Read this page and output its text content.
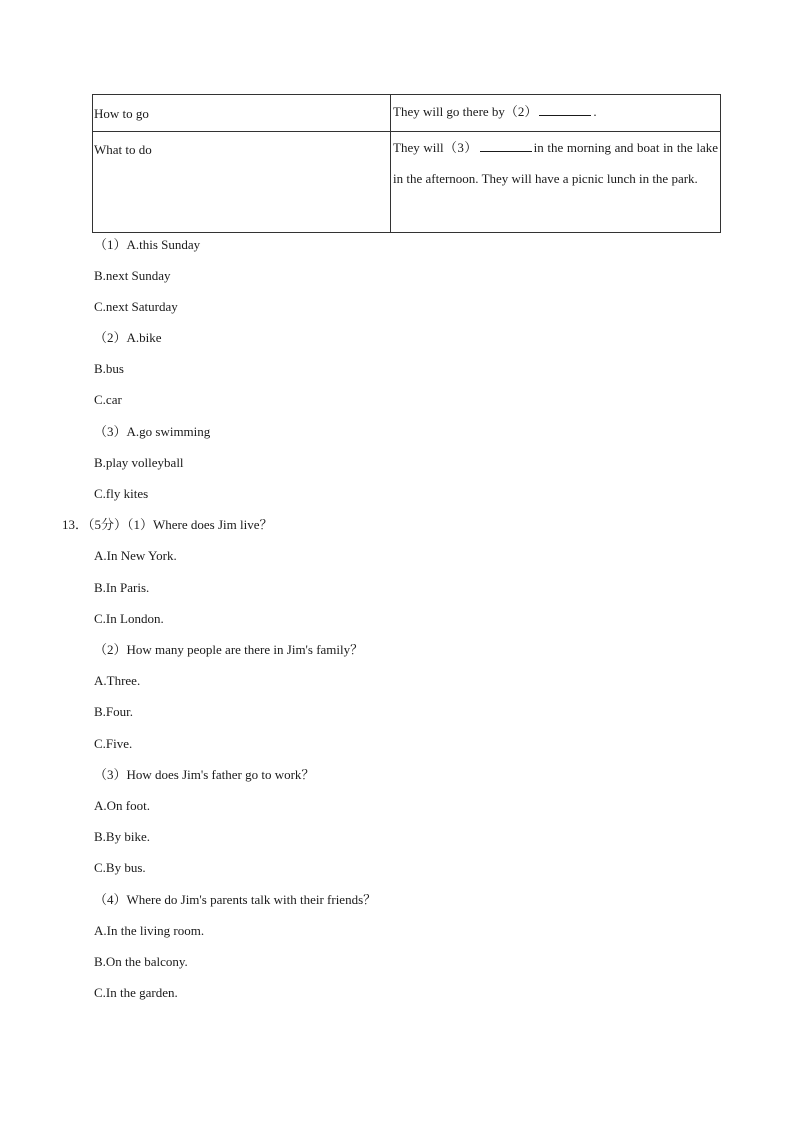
How to go	They will go there by（2） .
What to do	They will（3） in the morning and boat in the lake in the afternoon. They will have a picnic lunch in the park.
（1）A.this Sunday
B.next Sunday
C.next Saturday
（2）A.bike
B.bus
C.car
（3）A.go swimming
B.play volleyball
C.fly kites
13．（5分）（1）Where does Jim live？
A.In New York.
B.In Paris.
C.In London.
（2）How many people are there in Jim's family？
A.Three.
B.Four.
C.Five.
（3）How does Jim's father go to work？
A.On foot.
B.By bike.
C.By bus.
（4）Where do Jim's parents talk with their friends？
A.In the living room.
B.On the balcony.
C.In the garden.
